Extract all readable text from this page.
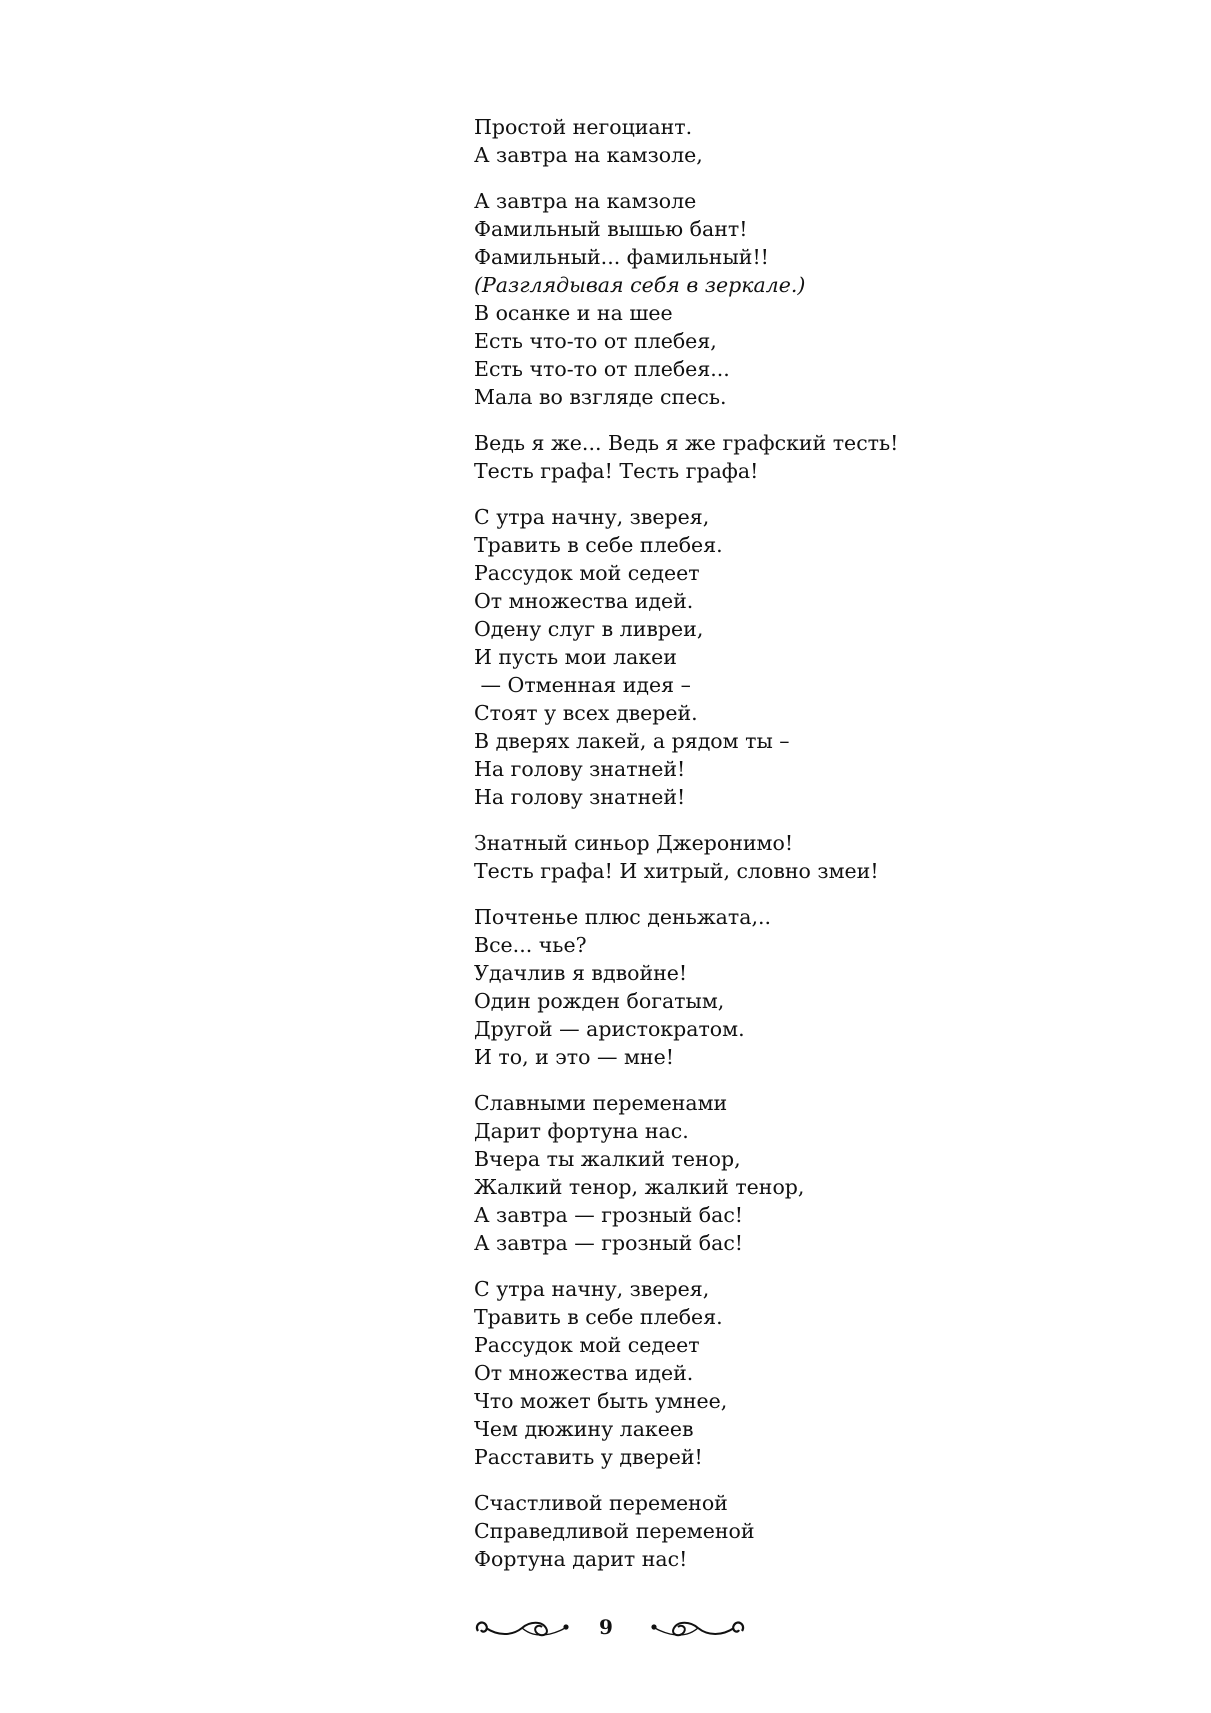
Простой негоциант.
А завтра на камзоле,
А завтра на камзоле
Фамильный вышью бант!
Фамильный... фамильный!!
(Разглядывая себя в зеркале.)
В осанке и на шее
Есть что-то от плебея,
Есть что-то от плебея...
Мала во взгляде спесь.
Ведь я же... Ведь я же графский тесть!
Тесть графа! Тесть графа!
С утра начну, зверея,
Травить в себе плебея.
Рассудок мой седеет
От множества идей.
Одену слуг в ливреи,
И пусть мои лакеи
— Отменная идея –
Стоят у всех дверей.
В дверях лакей, а рядом ты –
На голову знатней!
На голову знатней!
Знатный синьор Джеронимо!
Тесть графа! И хитрый, словно змеи!
Почтенье плюс деньжата,..
Все... чье?
Удачлив я вдвойне!
Один рожден богатым,
Другой — аристократом.
И то, и это — мне!
Славными переменами
Дарит фортуна нас.
Вчера ты жалкий тенор,
Жалкий тенор, жалкий тенор,
А завтра — грозный бас!
А завтра — грозный бас!
С утра начну, зверея,
Травить в себе плебея.
Рассудок мой седеет
От множества идей.
Что может быть умнее,
Чем дюжину лакеев
Расставить у дверей!
Счастливой переменой
Справедливой переменой
Фортуна дарит нас!
9
